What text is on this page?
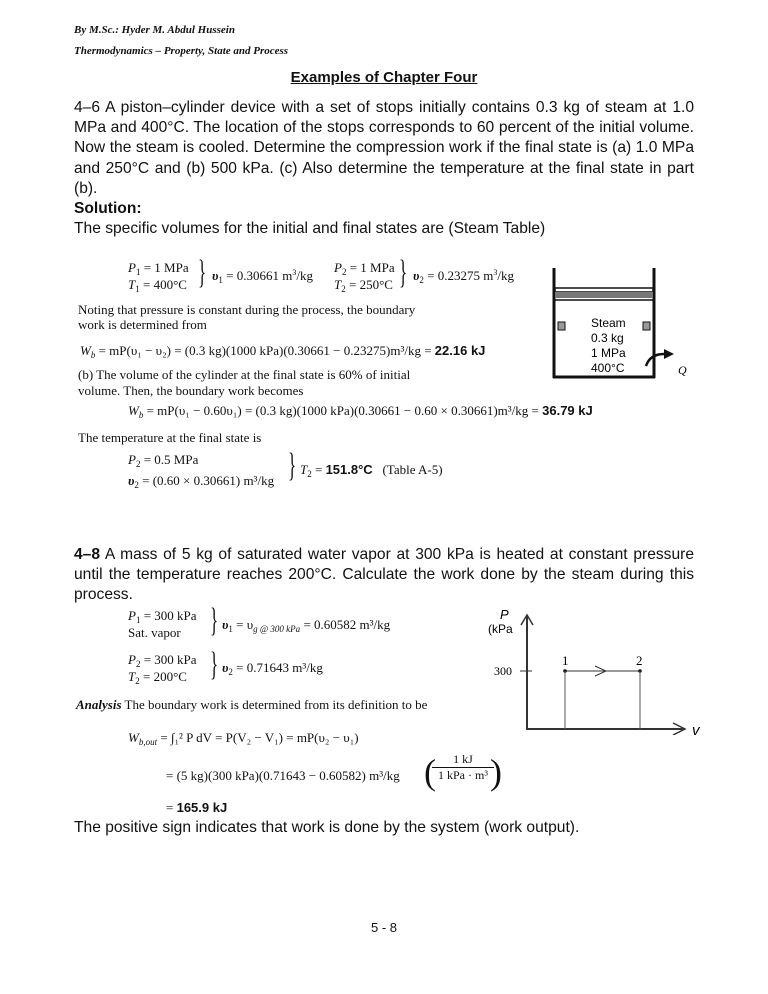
By M.Sc.: Hyder M. Abdul Hussein
Thermodynamics – Property, State and Process
Examples of Chapter Four
4–6 A piston–cylinder device with a set of stops initially contains 0.3 kg of steam at 1.0 MPa and 400°C. The location of the stops corresponds to 60 percent of the initial volume. Now the steam is cooled. Determine the compression work if the final state is (a) 1.0 MPa and 250°C and (b) 500 kPa. (c) Also determine the temperature at the final state in part (b).
Solution:
The specific volumes for the initial and final states are (Steam Table)
$P_1 = 1$ MPa
$T_1 = 400^\circ C$ } $\upsilon_1 = 0.30661$ $m^3/kg$
$P_2 = 1$ MPa
$T_2 = 250^\circ C$ } $\upsilon_2 = 0.23275$ $m^3/kg$
Noting that pressure is constant during the process, the boundary
work is determined from
$W_b = mP(\upsilon_1 - \upsilon_2) = (0.3$ kg)(1000 kPa)(0.30661 − 0.23275)m³/kg = 22.16 kJ
(b) The volume of the cylinder at the final state is 60% of initial
volume. Then, the boundary work becomes
$W_b = mP(\upsilon_1 - 0.60\upsilon_1) = (0.3$ kg)(1000 kPa)(0.30661 − 0.60 × 0.30661)m³/kg = 36.79 kJ
The temperature at the final state is
$P_2 = 0.5$ MPa
$\upsilon_2 = (0.60 \times 0.30661)$ m³/kg } $T_2 = 151.8^\circ C$ (Table A-5)
Steam
0.3 kg
1 MPa
400°C	Q
4–8 A mass of 5 kg of saturated water vapor at 300 kPa is heated at constant pressure until the temperature reaches 200°C. Calculate the work done by the steam during this process.
$P_1 = 300$ kPa
Sat. vapor } $\upsilon_1 = \upsilon_{g @ 300 kPa} = 0.60582$ m³/kg
$P_2 = 300$ kPa
$T_2 = 200^\circ C$ } $\upsilon_2 = 0.71643$ m³/kg
Analysis The boundary work is determined from its definition to be
$W_{b,out} = \int_1^2$ P dV = P(V₂ − V₁) = mP(υ₂ − υ₁)
= (5 kg)(300 kPa)(0.71643 − 0.60582) m³/kg (	1 kJ
1 kPa · m³ )
= 165.9 kJ
The positive sign indicates that work is done by the system (work output).
P
(kPa
v
300
1	2
5 - 8
